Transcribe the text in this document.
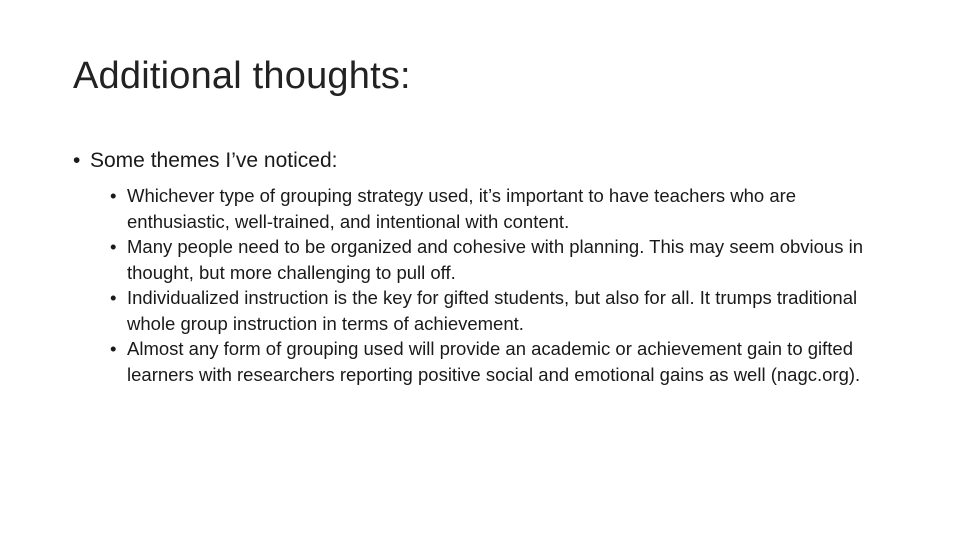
Additional thoughts:
• Some themes I’ve noticed:
• Whichever type of grouping strategy used, it’s important to have teachers who are enthusiastic, well-trained, and intentional with content.
• Many people need to be organized and cohesive with planning. This may seem obvious in thought, but more challenging to pull off.
• Individualized instruction is the key for gifted students, but also for all. It trumps traditional whole group instruction in terms of achievement.
• Almost any form of grouping used will provide an academic or achievement gain to gifted learners with researchers reporting positive social and emotional gains as well (nagc.org).
